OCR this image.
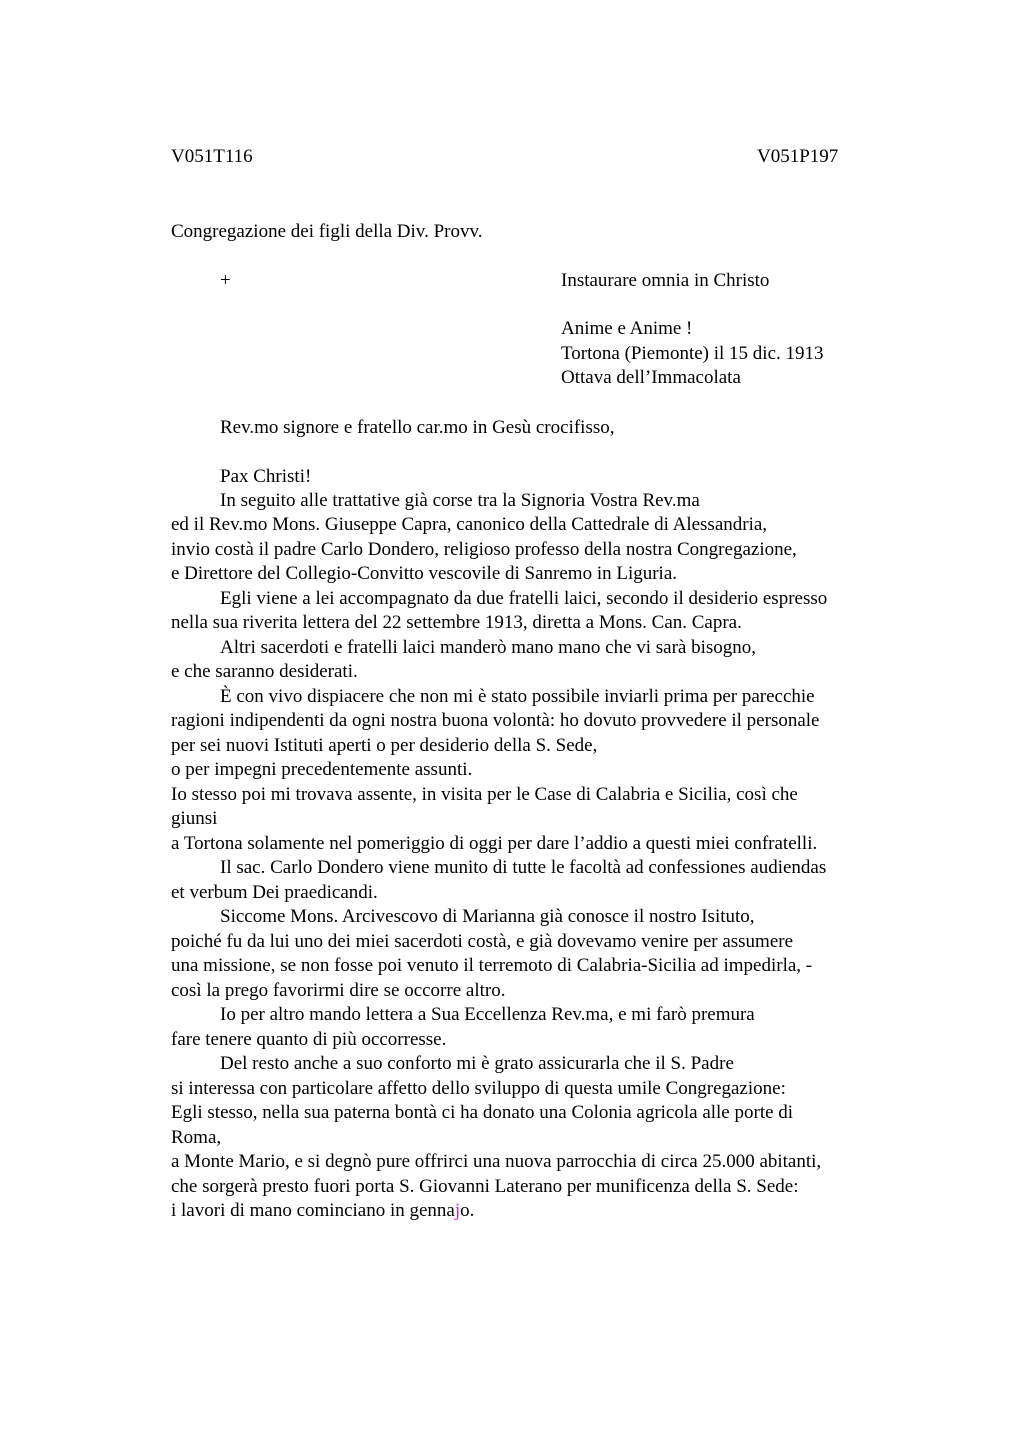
V051T116	V051P197
Congregazione dei figli della Div. Provv.
+	Instaurare omnia in Christo
Anime e Anime !
Tortona (Piemonte) il 15 dic. 1913
Ottava dell’Immacolata
Rev.mo signore e fratello car.mo in Gesù crocifisso,
Pax Christi!
In seguito alle trattative già corse tra la Signoria Vostra Rev.ma
ed il Rev.mo Mons. Giuseppe Capra, canonico della Cattedrale di Alessandria,
invio costà il padre Carlo Dondero, religioso professo della nostra Congregazione,
e Direttore del Collegio-Convitto vescovile di Sanremo in Liguria.
Egli viene a lei accompagnato da due fratelli laici, secondo il desiderio espresso
nella sua riverita lettera del 22 settembre 1913, diretta a Mons. Can. Capra.
Altri sacerdoti e fratelli laici manderò mano mano che vi sarà bisogno,
e che saranno desiderati.
È con vivo dispiacere che non mi è stato possibile inviarli prima per parecchie
ragioni indipendenti da ogni nostra buona volontà: ho dovuto provvedere il personale
per sei nuovi Istituti aperti o per desiderio della S. Sede,
o per impegni precedentemente assunti.
Io stesso poi mi trovava assente, in visita per le Case di Calabria e Sicilia, così che
giunsi
a Tortona solamente nel pomeriggio di oggi per dare l’addio a questi miei confratelli.
Il sac. Carlo Dondero viene munito di tutte le facoltà ad confessiones audiendas
et verbum Dei praedicandi.
Siccome Mons. Arcivescovo di Marianna già conosce il nostro Isituto,
poiché fu da lui uno dei miei sacerdoti costà, e già dovevamo venire per assumere
una missione, se non fosse poi venuto il terremoto di Calabria-Sicilia ad impedirla, -
così la prego favorirmi dire se occorre altro.
Io per altro mando lettera a Sua Eccellenza Rev.ma, e mi farò premura
fare tenere quanto di più occorresse.
Del resto anche a suo conforto mi è grato assicurarla che il S. Padre
si interessa con particolare affetto dello sviluppo di questa umile Congregazione:
Egli stesso, nella sua paterna bontà ci ha donato una Colonia agricola alle porte di
Roma,
a Monte Mario, e si degnò pure offrirci una nuova parrocchia di circa 25.000 abitanti,
che sorgerà presto fuori porta S. Giovanni Laterano per munificenza della S. Sede:
i lavori di mano cominciano in gennajo.
